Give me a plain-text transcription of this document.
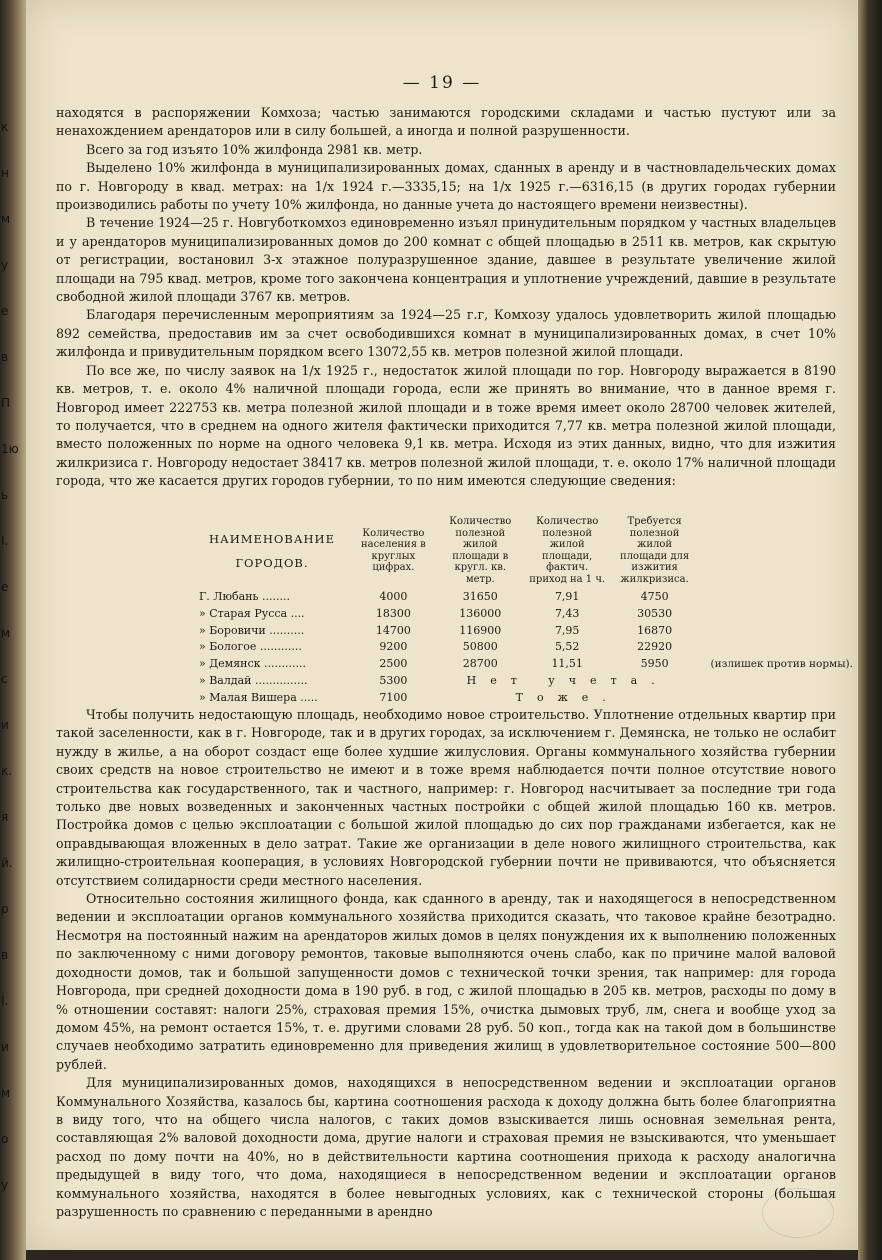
к
н
м
у
е
в
П
1ю
ь
I.
е
м
с
и
к.
я
й.
р
в
I.
и
м
о
у
— 19 —

находятся в распоряжении Комхоза; частью занимаются городскими складами и частью пустуют или за ненахождением арендаторов или в силу большей, а иногда и полной разрушенности.

Всего за год изъято 10% жилфонда 2981 кв. метр.

Выделено 10% жилфонда в муниципализированных домах, сданных в аренду и в частновладельческих домах по г. Новгороду в квад. метрах: на 1/х 1924 г.—3335,15; на 1/х 1925 г.—6316,15 (в других городах губернии производились работы по учету 10% жилфонда, но данные учета до настоящего времени неизвестны).

В течение 1924—25 г. Новгуботкомхоз единовременно изъял принудительным порядком у частных владельцев и у арендаторов муниципализированных домов до 200 комнат с общей площадью в 2511 кв. метров, как скрытую от регистрации, востановил 3-х этажное полуразрушенное здание, давшее в результате увеличение жилой площади на 795 квад. метров, кроме того закончена концентрация и уплотнение учреждений, давшие в результате свободной жилой площади 3767 кв. метров.

Благодаря перечисленным мероприятиям за 1924—25 г.г, Комхозу удалось удовлетворить жилой площадью 892 семейства, предоставив им за счет освободившихся комнат в муниципализированных домах, в счет 10% жилфонда и привудительным порядком всего 13072,55 кв. метров полезной жилой площади.

По все же, по числу заявок на 1/х 1925 г., недостаток жилой площади по гор. Новгороду выражается в 8190 кв. метров, т. е. около 4% наличной площади города, если же принять во внимание, что в данное время г. Новгород имеет 222753 кв. метра полезной жилой площади и в тоже время имеет около 28700 человек жителей, то получается, что в среднем на одного жителя фактически приходится 7,77 кв. метра полезной жилой площади, вместо положенных по норме на одного человека 9,1 кв. метра. Исходя из этих данных, видно, что для изжития жилкризиса г. Новгороду недостает 38417 кв. метров полезной жилой площади, т. е. около 17% наличной площади города, что же касается других городов губернии, то по ним имеются следующие сведения:

НАИМЕНОВАНИЕ ГОРОДОВ.	Количество населения в круглых цифрах.	Количество полезной жилой площади в кругл. кв. метр.	Количество полезной жилой площади, фактич. приход на 1 ч.	Требуется полезной жилой площади для изжития жилкризиса.	
Г. Любань ........	4000	31650	7,91	4750	
» Старая Русса ....	18300	136000	7,43	30530	
» Боровичи ..........	14700	116900	7,95	16870	
» Бологое ............	9200	50800	5,52	22920	
» Демянск ............	2500	28700	11,51	5950	(излишек против нормы).
» Валдай ...............	5300	Нет учета.			
» Малая Вишера .....	7100	Тоже.			

Чтобы получить недостающую площадь, необходимо новое строительство. Уплотнение отдельных квартир при такой заселенности, как в г. Новгороде, так и в других городах, за исключением г. Демянска, не только не ослабит нужду в жилье, а на оборот создаст еще более худшие жилусловия. Органы коммунального хозяйства губернии своих средств на новое строительство не имеют и в тоже время наблюдается почти полное отсутствие нового строительства как государственного, так и частного, например: г. Новгород насчитывает за последние три года только две новых возведенных и законченных частных постройки с общей жилой площадью 160 кв. метров. Постройка домов с целью эксплоатации с большой жилой площадью до сих пор гражданами избегается, как не оправдывающая вложенных в дело затрат. Такие же организации в деле нового жилищного строительства, как жилищно-строительная кооперация, в условиях Новгородской губернии почти не прививаются, что объясняется отсутствием солидарности среди местного населения.

Относительно состояния жилищного фонда, как сданного в аренду, так и находящегося в непосредственном ведении и эксплоатации органов коммунального хозяйства приходится сказать, что таковое крайне безотрадно. Несмотря на постоянный нажим на арендаторов жилых домов в целях понуждения их к выполнению положенных по заключенному с ними договору ремонтов, таковые выполняются очень слабо, как по причине малой валовой доходности домов, так и большой запущенности домов с технической точки зрения, так например: для города Новгорода, при средней доходности дома в 190 руб. в год, с жилой площадью в 205 кв. метров, расходы по дому в % отношении составят: налоги 25%, страховая премия 15%, очистка дымовых труб, лм, снега и вообще уход за домом 45%, на ремонт остается 15%, т. е. другими словами 28 руб. 50 коп., тогда как на такой дом в большинстве случаев необходимо затратить единовременно для приведения жилищ в удовлетворительное состояние 500—800 рублей.

Для муниципализированных домов, находящихся в непосредственном ведении и эксплоатации органов Коммунального Хозяйства, казалось бы, картина соотношения расхода к доходу должна быть более благоприятна в виду того, что на общего числа налогов, с таких домов взыскивается лишь основная земельная рента, составляющая 2% валовой доходности дома, другие налоги и страховая премия не взыскиваются, что уменьшает расход по дому почти на 40%, но в действительности картина соотношения прихода к расходу аналогична предыдущей в виду того, что дома, находящиеся в непосредственном ведении и эксплоатации органов коммунального хозяйства, находятся в более невыгодных условиях, как с технической стороны (большая разрушенность по сравнению с переданными в арендно
